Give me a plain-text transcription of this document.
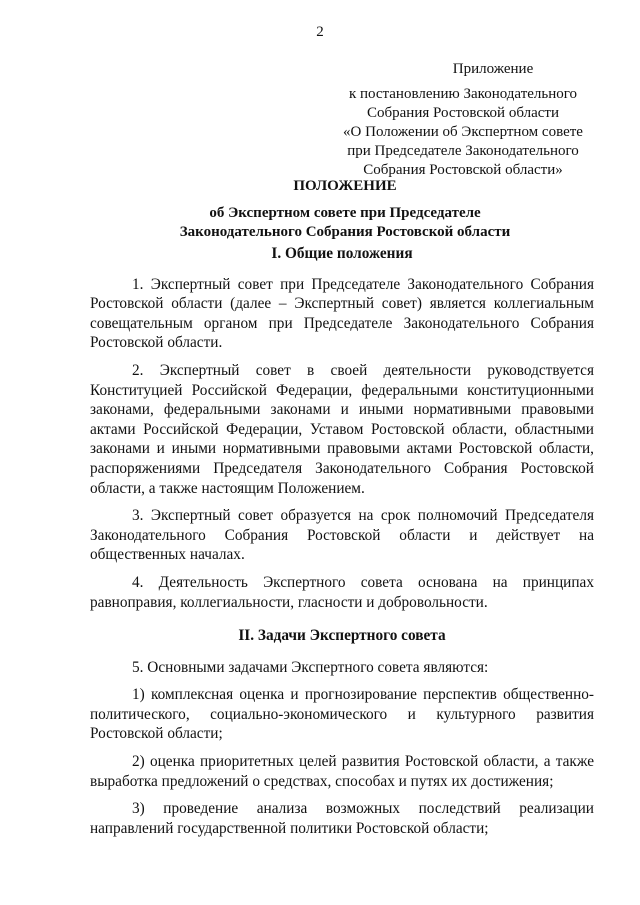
2
Приложение
к постановлению Законодательного
Собрания Ростовской области
«О Положении об Экспертном совете
при Председателе Законодательного
Собрания Ростовской области»
ПОЛОЖЕНИЕ
об Экспертном совете при Председателе
Законодательного Собрания Ростовской области
I. Общие положения

1. Экспертный совет при Председателе Законодательного Собрания Ростовской области (далее – Экспертный совет) является коллегиальным совещательным органом при Председателе Законодательного Собрания Ростовской области.

2. Экспертный совет в своей деятельности руководствуется Конституцией Российской Федерации, федеральными конституционными законами, федеральными законами и иными нормативными правовыми актами Российской Федерации, Уставом Ростовской области, областными законами и иными нормативными правовыми актами Ростовской области, распоряжениями Председателя Законодательного Собрания Ростовской области, а также настоящим Положением.

3. Экспертный совет образуется на срок полномочий Председателя Законодательного Собрания Ростовской области и действует на общественных началах.

4. Деятельность Экспертного совета основана на принципах равноправия, коллегиальности, гласности и добровольности.

II. Задачи Экспертного совета

5. Основными задачами Экспертного совета являются:

1) комплексная оценка и прогнозирование перспектив общественно-политического, социально-экономического и культурного развития Ростовской области;

2) оценка приоритетных целей развития Ростовской области, а также выработка предложений о средствах, способах и путях их достижения;

3) проведение анализа возможных последствий реализации направлений государственной политики Ростовской области;
